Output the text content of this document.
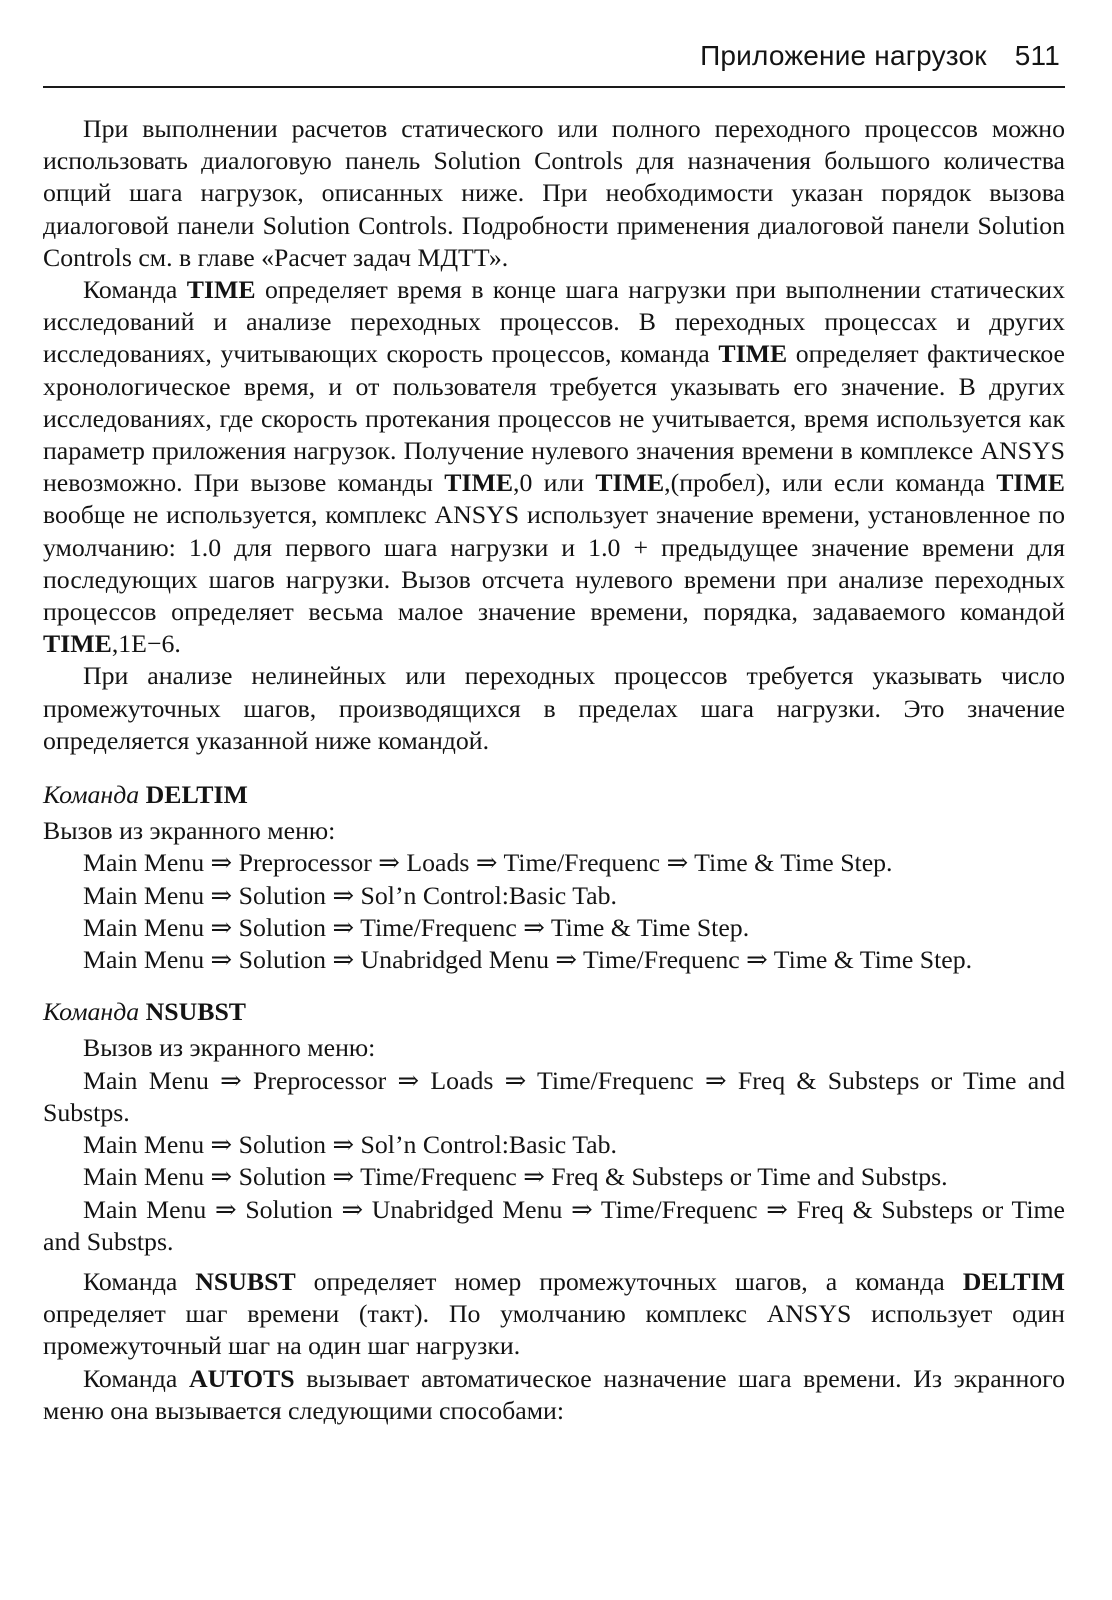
Приложение нагрузок 511

При выполнении расчетов статического или полного переходного процессов можно использовать диалоговую панель Solution Controls для назначения большого количества опций шага нагрузок, описанных ниже. При необходимости указан порядок вызова диалоговой панели Solution Controls. Подробности применения диалоговой панели Solution Controls см. в главе «Расчет задач МДТТ».

Команда TIME определяет время в конце шага нагрузки при выполнении статических исследований и анализе переходных процессов. В переходных процессах и других исследованиях, учитывающих скорость процессов, команда TIME определяет фактическое хронологическое время, и от пользователя требуется указывать его значение. В других исследованиях, где скорость протекания процессов не учитывается, время используется как параметр приложения нагрузок. Получение нулевого значения времени в комплексе ANSYS невозможно. При вызове команды TIME,0 или TIME,(пробел), или если команда TIME вообще не используется, комплекс ANSYS использует значение времени, установленное по умолчанию: 1.0 для первого шага нагрузки и 1.0 + предыдущее значение времени для последующих шагов нагрузки. Вызов отсчета нулевого времени при анализе переходных процессов определяет весьма малое значение времени, порядка, задаваемого командой TIME,1E−6.

При анализе нелинейных или переходных процессов требуется указывать число промежуточных шагов, производящихся в пределах шага нагрузки. Это значение определяется указанной ниже командой.

Команда DELTIM

Вызов из экранного меню:

Main Menu ⇒ Preprocessor ⇒ Loads ⇒ Time/Frequenc ⇒ Time & Time Step.

Main Menu ⇒ Solution ⇒ Sol’n Control:Basic Tab.

Main Menu ⇒ Solution ⇒ Time/Frequenc ⇒ Time & Time Step.

Main Menu ⇒ Solution ⇒ Unabridged Menu ⇒ Time/Frequenc ⇒ Time & Time Step.

Команда NSUBST

Вызов из экранного меню:

Main Menu ⇒ Preprocessor ⇒ Loads ⇒ Time/Frequenc ⇒ Freq & Substeps or Time and Substps.

Main Menu ⇒ Solution ⇒ Sol’n Control:Basic Tab.

Main Menu ⇒ Solution ⇒ Time/Frequenc ⇒ Freq & Substeps or Time and Substps.

Main Menu ⇒ Solution ⇒ Unabridged Menu ⇒ Time/Frequenc ⇒ Freq & Substeps or Time and Substps.

Команда NSUBST определяет номер промежуточных шагов, а команда DELTIM определяет шаг времени (такт). По умолчанию комплекс ANSYS использует один промежуточный шаг на один шаг нагрузки.

Команда AUTOTS вызывает автоматическое назначение шага времени. Из экранного меню она вызывается следующими способами:
